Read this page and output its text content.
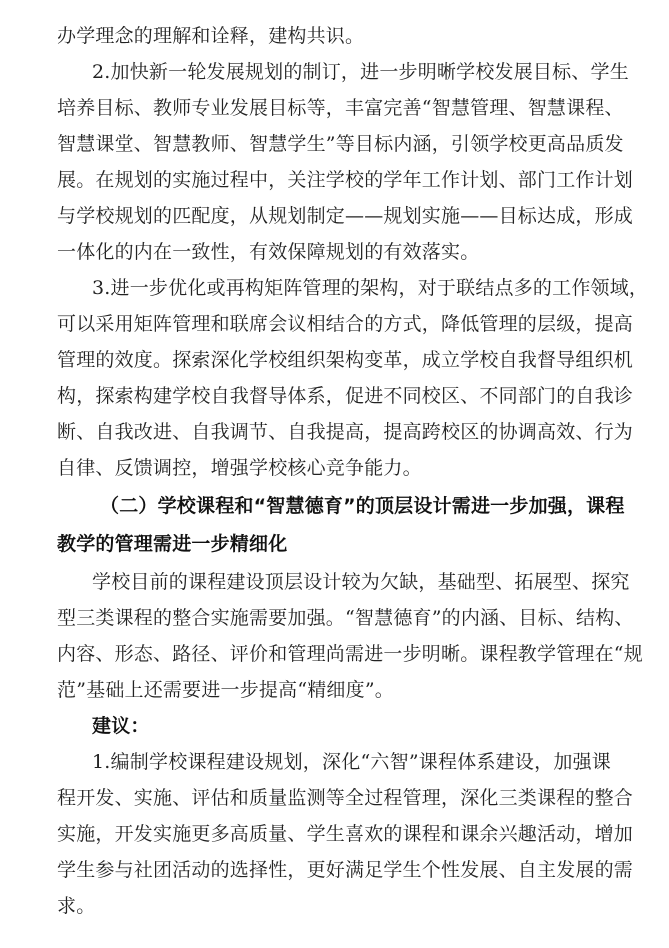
办学理念的理解和诠释，建构共识。
2.加快新一轮发展规划的制订，进一步明晰学校发展目标、学生
培养目标、教师专业发展目标等，丰富完善“智慧管理、智慧课程、
智慧课堂、智慧教师、智慧学生”等目标内涵，引领学校更高品质发
展。在规划的实施过程中，关注学校的学年工作计划、部门工作计划
与学校规划的匹配度，从规划制定——规划实施——目标达成，形成
一体化的内在一致性，有效保障规划的有效落实。
3.进一步优化或再构矩阵管理的架构，对于联结点多的工作领域，
可以采用矩阵管理和联席会议相结合的方式，降低管理的层级，提高
管理的效度。探索深化学校组织架构变革，成立学校自我督导组织机
构，探索构建学校自我督导体系，促进不同校区、不同部门的自我诊
断、自我改进、自我调节、自我提高，提高跨校区的协调高效、行为
自律、反馈调控，增强学校核心竞争能力。
（二）学校课程和“智慧德育”的顶层设计需进一步加强，课程
教学的管理需进一步精细化
学校目前的课程建设顶层设计较为欠缺，基础型、拓展型、探究
型三类课程的整合实施需要加强。“智慧德育”的内涵、目标、结构、
内容、形态、路径、评价和管理尚需进一步明晰。课程教学管理在“规
范”基础上还需要进一步提高“精细度”。
建议：
1.编制学校课程建设规划，深化“六智”课程体系建设，加强课
程开发、实施、评估和质量监测等全过程管理，深化三类课程的整合
实施，开发实施更多高质量、学生喜欢的课程和课余兴趣活动，增加
学生参与社团活动的选择性，更好满足学生个性发展、自主发展的需
求。
